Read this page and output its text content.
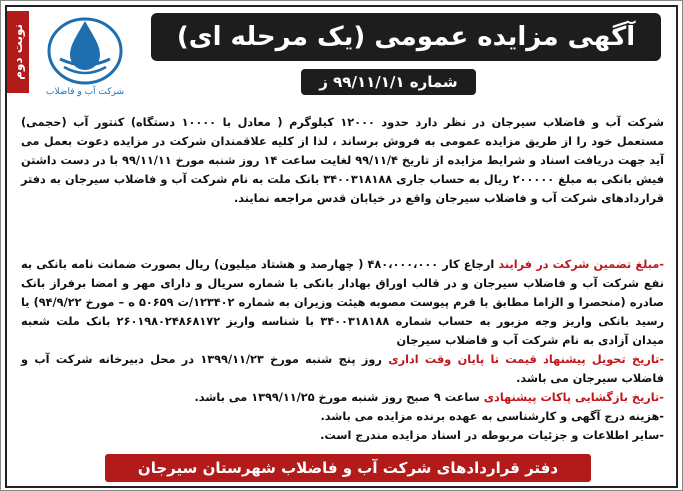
نوبت دوم
شرکت آب و فاضلاب
آگهی مزایده عمومی (یک مرحله ای)
شماره ۹۹/۱۱/۱/۱ ز
شرکت آب و فاضلاب سیرجان در نظر دارد حدود ۱۲۰۰۰ کیلوگرم ( معادل با ۱۰۰۰۰ دستگاه) کنتور آب (حجمی) مستعمل خود را از طریق مزایده عمومی به فروش برساند ، لذا از کلیه علاقمندان شرکت در مزایده دعوت بعمل می آید جهت دریافت اسناد و شرایط مزایده از تاریخ ۹۹/۱۱/۴ لغایت ساعت ۱۴ روز شنبه مورخ ۹۹/۱۱/۱۱ با در دست داشتن فیش بانکی به مبلغ ۲۰۰۰۰۰ ریال به حساب جاری ۳۴۰۰۳۱۸۱۸۸ بانک ملت به نام شرکت آب و فاضلاب سیرجان به دفتر قراردادهای شرکت آب و فاضلاب سیرجان واقع در خیابان قدس مراجعه نمایند.
-مبلغ تضمین شرکت در فرایند ارجاع کار ۴۸۰،۰۰۰،۰۰۰ ( چهارصد و هشتاد میلیون) ریال بصورت ضمانت نامه بانکی به نفع شرکت آب و فاضلاب سیرجان و در قالب اوراق بهادار بانکی با شماره سریال و دارای مهر و امضا برفراز بانک صادره (منحصرا و الزاما مطابق با فرم پیوست مصوبه هیئت وزیران به شماره ۱۲۳۴۰۲/ت ۵۰۶۵۹ ه – مورخ ۹۴/۹/۲۲) یا رسید بانکی واریز وجه مزبور به حساب شماره ۳۴۰۰۳۱۸۱۸۸ با شناسه واریز ۲۶۰۱۹۸۰۲۴۸۶۸۱۷۲ بانک ملت شعبه میدان آزادی به نام شرکت آب و فاضلاب سیرجان
-تاریخ تحویل پیشنهاد قیمت تا پایان وقت اداری روز پنج شنبه مورخ ۱۳۹۹/۱۱/۲۳ در محل دبیرخانه شرکت آب و فاضلاب سیرجان می باشد.
-تاریخ بازگشایی پاکات پیشنهادی ساعت ۹ صبح روز شنبه مورخ ۱۳۹۹/۱۱/۲۵ می باشد.
-هزینه درج آگهی و کارشناسی به عهده برنده مزایده می باشد.
-سایر اطلاعات و جزئیات مربوطه در اسناد مزایده مندرج است.
دفتر قراردادهای شرکت آب و فاضلاب شهرستان سیرجان
